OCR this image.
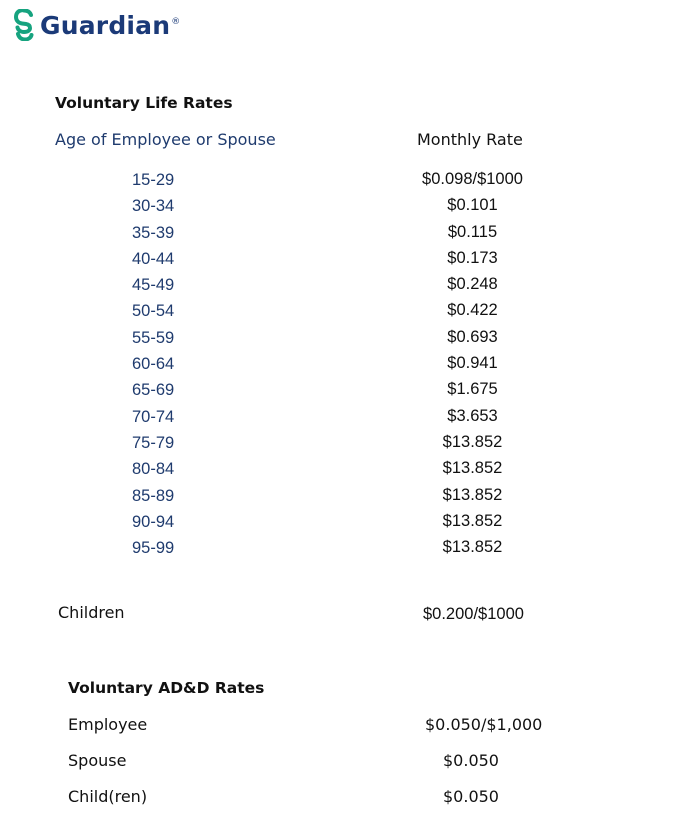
Guardian®
Voluntary Life Rates
Age of Employee or Spouse	Monthly Rate
15-29	$0.098/$1000
30-34	$0.101
35-39	$0.115
40-44	$0.173
45-49	$0.248
50-54	$0.422
55-59	$0.693
60-64	$0.941
65-69	$1.675
70-74	$3.653
75-79	$13.852
80-84	$13.852
85-89	$13.852
90-94	$13.852
95-99	$13.852
Children	$0.200/$1000
Voluntary AD&D Rates
Employee	$0.050/$1,000
Spouse	$0.050
Child(ren)	$0.050
